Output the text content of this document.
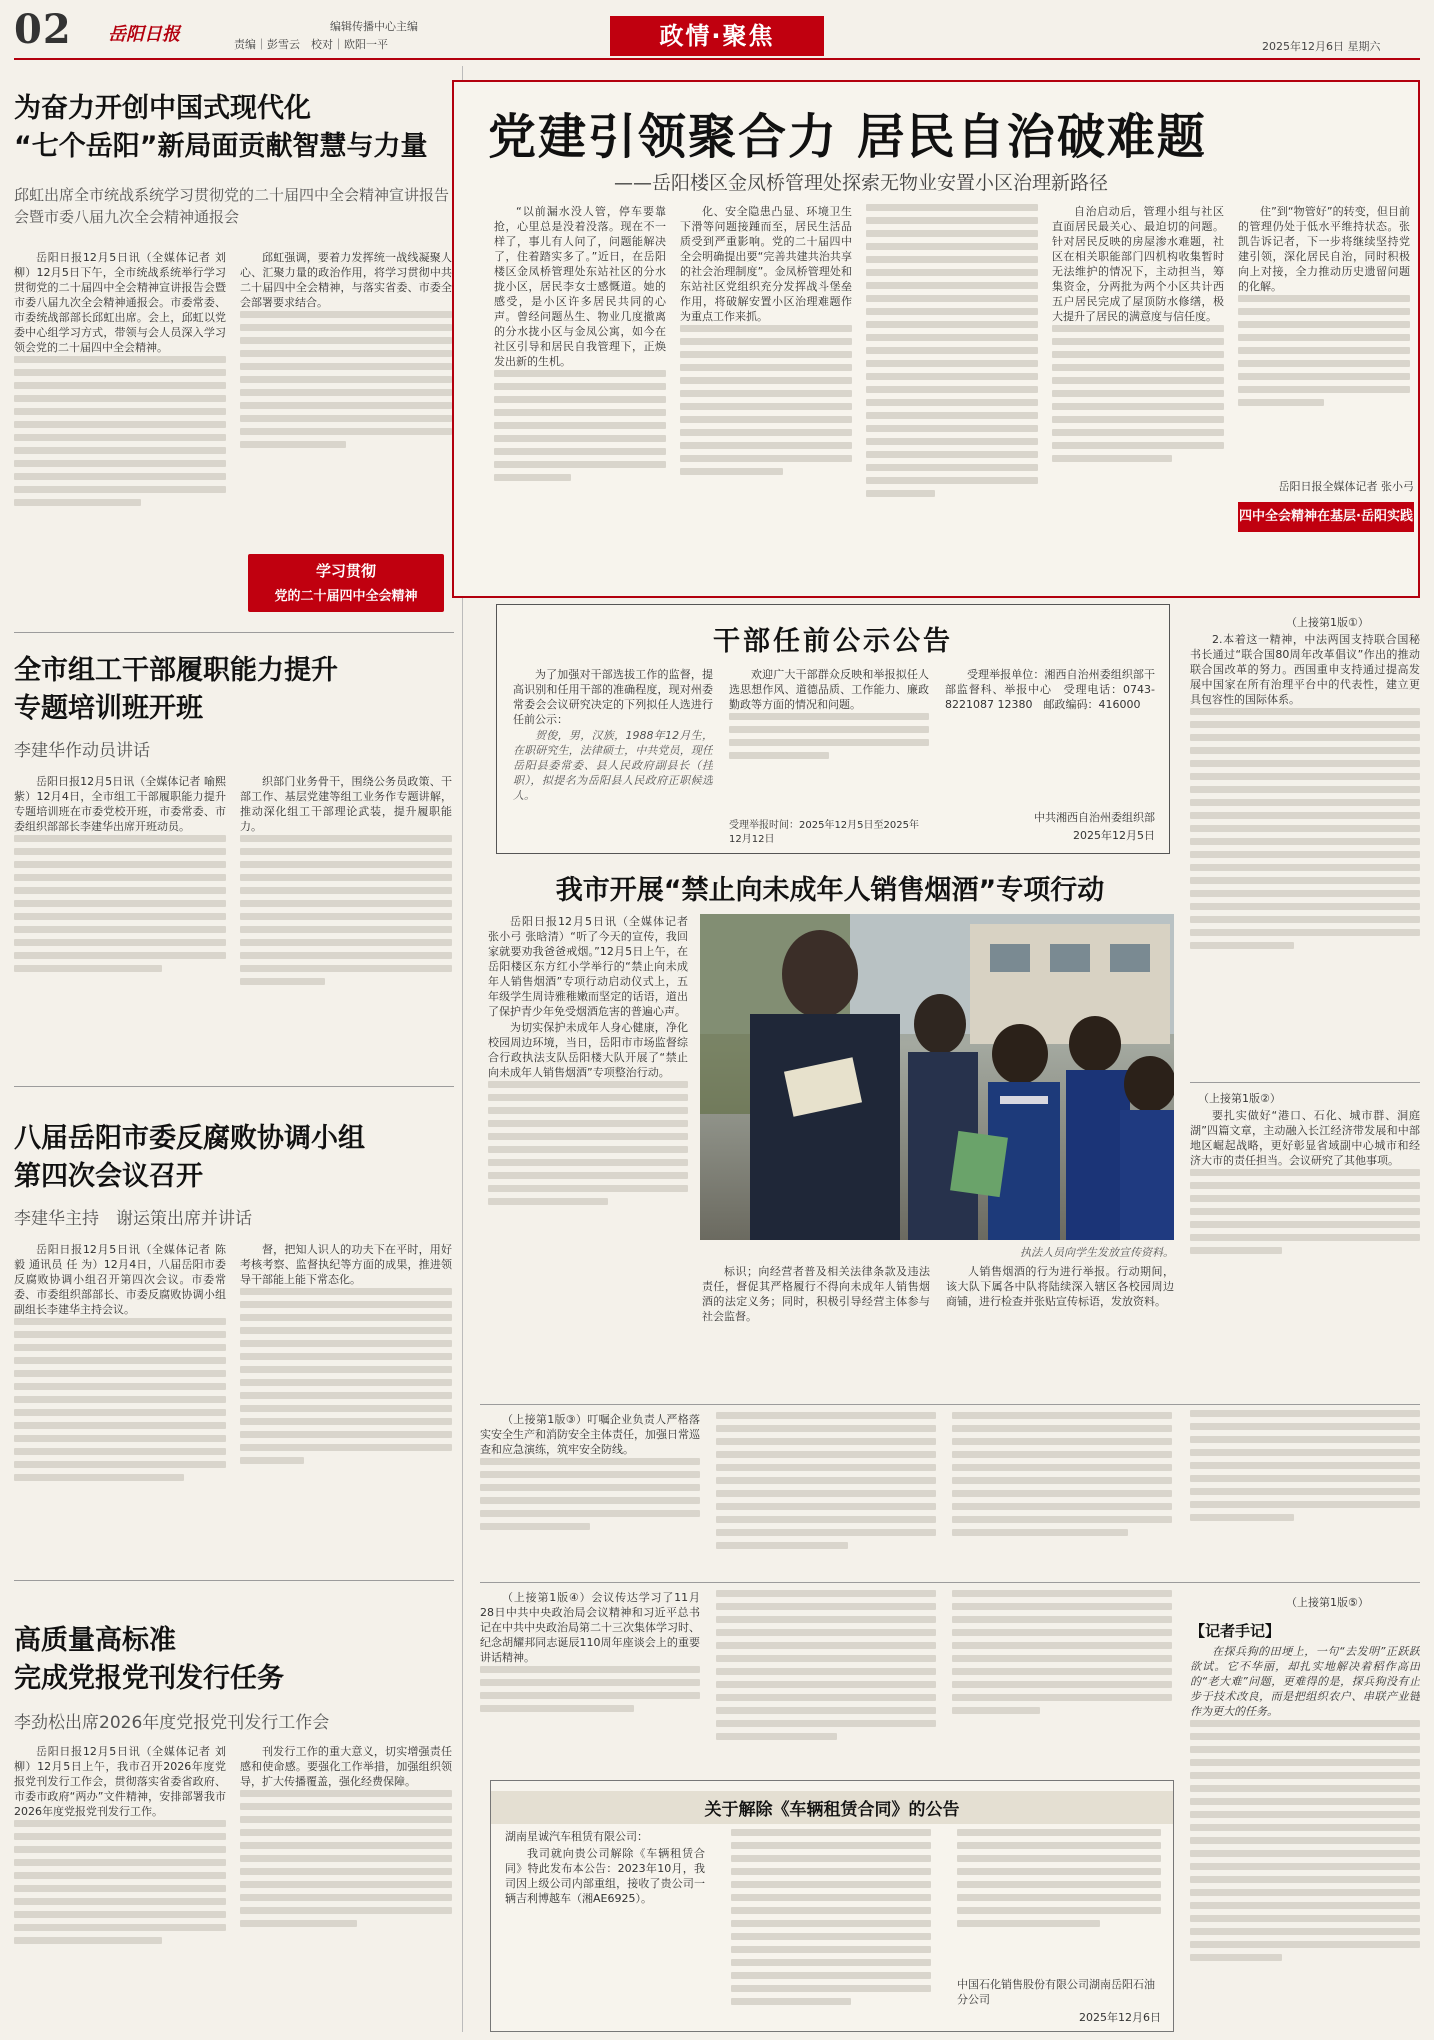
02 岳阳日报	编辑传播中心主编
责编｜彭雪云　校对｜欧阳一平	政情·聚焦	2025年12月6日 星期六
为奋力开创中国式现代化
“七个岳阳”新局面贡献智慧与力量
邱虹出席全市统战系统学习贯彻党的二十届四中全会精神宣讲报告会暨市委八届九次全会精神通报会

岳阳日报12月5日讯（全媒体记者 刘 柳）12月5日下午，全市统战系统举行学习贯彻党的二十届四中全会精神宣讲报告会暨市委八届九次全会精神通报会。市委常委、市委统战部部长邱虹出席。会上，邱虹以党委中心组学习方式，带领与会人员深入学习领会党的二十届四中全会精神。

邱虹强调，要着力发挥统一战线凝聚人心、汇聚力量的政治作用，将学习贯彻中共二十届四中全会精神，与落实省委、市委全会部署要求结合。

学习贯彻
党的二十届四中全会精神
全市组工干部履职能力提升
专题培训班开班
李建华作动员讲话

岳阳日报12月5日讯（全媒体记者 喻熙紫）12月4日，全市组工干部履职能力提升专题培训班在市委党校开班，市委常委、市委组织部部长李建华出席开班动员。

织部门业务骨干，围绕公务员政策、干部工作、基层党建等组工业务作专题讲解，推动深化组工干部理论武装，提升履职能力。

八届岳阳市委反腐败协调小组
第四次会议召开
李建华主持　谢运策出席并讲话

岳阳日报12月5日讯（全媒体记者 陈 毅 通讯员 任 为）12月4日，八届岳阳市委反腐败协调小组召开第四次会议。市委常委、市委组织部部长、市委反腐败协调小组副组长李建华主持会议。

督，把知人识人的功夫下在平时，用好考核考察、监督执纪等方面的成果，推进领导干部能上能下常态化。

高质量高标准
完成党报党刊发行任务
李劲松出席2026年度党报党刊发行工作会

岳阳日报12月5日讯（全媒体记者 刘 柳）12月5日上午，我市召开2026年度党报党刊发行工作会，贯彻落实省委省政府、市委市政府“两办”文件精神，安排部署我市2026年度党报党刊发行工作。

刊发行工作的重大意义，切实增强责任感和使命感。要强化工作举措，加强组织领导，扩大传播覆盖，强化经费保障。

党建引领聚合力 居民自治破难题
——岳阳楼区金凤桥管理处探索无物业安置小区治理新路径

“以前漏水没人管，停车要靠抢，心里总是没着没落。现在不一样了，事儿有人问了，问题能解决了，住着踏实多了。”近日，在岳阳楼区金凤桥管理处东站社区的分水拢小区，居民李女士感慨道。她的感受，是小区许多居民共同的心声。曾经问题丛生、物业几度撤离的分水拢小区与金凤公寓，如今在社区引导和居民自我管理下，正焕发出新的生机。

化、安全隐患凸显、环境卫生下滑等问题接踵而至，居民生活品质受到严重影响。党的二十届四中全会明确提出要“完善共建共治共享的社会治理制度”。金凤桥管理处和东站社区党组织充分发挥战斗堡垒作用，将破解安置小区治理难题作为重点工作来抓。

自治启动后，管理小组与社区直面居民最关心、最迫切的问题。针对居民反映的房屋渗水难题，社区在相关职能部门四机构收集暂时无法维护的情况下，主动担当，筹集资金，分两批为两个小区共计西五户居民完成了屋顶防水修缮，极大提升了居民的满意度与信任度。

住”到“物管好”的转变，但目前的管理仍处于低水平维持状态。张凯告诉记者，下一步将继续坚持党建引领，深化居民自治，同时积极向上对接，全力推动历史遗留问题的化解。

岳阳日报全媒体记者 张小弓
四中全会精神在基层·岳阳实践
干部任前公示公告

为了加强对干部选拔工作的监督，提高识别和任用干部的准确程度，现对州委常委会会议研究决定的下列拟任人选进行任前公示：

贺俊，男，汉族，1988年12月生，在职研究生，法律硕士，中共党员，现任岳阳县委常委、县人民政府副县长（挂职），拟提名为岳阳县人民政府正职候选人。

欢迎广大干部群众反映和举报拟任人选思想作风、道德品质、工作能力、廉政勤政等方面的情况和问题。

受理举报时间：2025年12月5日至2025年12月12日

受理举报单位：湘西自治州委组织部干部监督科、举报中心　受理电话：0743-8221087 12380　邮政编码：416000

中共湘西自治州委组织部
2025年12月5日
我市开展“禁止向未成年人销售烟酒”专项行动

岳阳日报12月5日讯（全媒体记者 张小弓 张晗清）“听了今天的宣传，我回家就要劝我爸爸戒烟。”12月5日上午，在岳阳楼区东方红小学举行的“禁止向未成年人销售烟酒”专项行动启动仪式上，五年级学生周诗雅稚嫩而坚定的话语，道出了保护青少年免受烟酒危害的普遍心声。

为切实保护未成年人身心健康，净化校园周边环境，当日，岳阳市市场监督综合行政执法支队岳阳楼大队开展了“禁止向未成年人销售烟酒”专项整治行动。

执法人员向学生发放宣传资料。

标识；向经营者普及相关法律条款及违法责任，督促其严格履行不得向未成年人销售烟酒的法定义务；同时，积极引导经营主体参与社会监督。

人销售烟酒的行为进行举报。行动期间，该大队下属各中队将陆续深入辖区各校园周边商铺，进行检查并张贴宣传标语，发放资料。

（上接第1版①）

2.本着这一精神，中法两国支持联合国秘书长通过“联合国80周年改革倡议”作出的推动联合国改革的努力。西国重申支持通过提高发展中国家在所有治理平台中的代表性，建立更具包容性的国际体系。

（上接第1版②）

要扎实做好“港口、石化、城市群、洞庭湖”四篇文章，主动融入长江经济带发展和中部地区崛起战略，更好彰显省域副中心城市和经济大市的责任担当。会议研究了其他事项。

（上接第1版③）叮嘱企业负责人严格落实安全生产和消防安全主体责任，加强日常巡查和应急演练，筑牢安全防线。

（上接第1版④）会议传达学习了11月28日中共中央政治局会议精神和习近平总书记在中共中央政治局第二十三次集体学习时、纪念胡耀邦同志诞辰110周年座谈会上的重要讲话精神。

关于解除《车辆租赁合同》的公告
湖南星诚汽车租赁有限公司：

我司就向贵公司解除《车辆租赁合同》特此发布本公告：2023年10月，我司因上级公司内部重组，接收了贵公司一辆吉利博越车（湘AE6925）。

中国石化销售股份有限公司湖南岳阳石油分公司
2025年12月6日
（上接第1版⑤）
【记者手记】

在探兵狗的田埂上，一句“去发明”正跃跃欲试。它不华丽，却扎实地解决着稻作高田的“老大难”问题，更难得的是，探兵狗没有止步于技术改良，而是把组织农户、串联产业链作为更大的任务。
